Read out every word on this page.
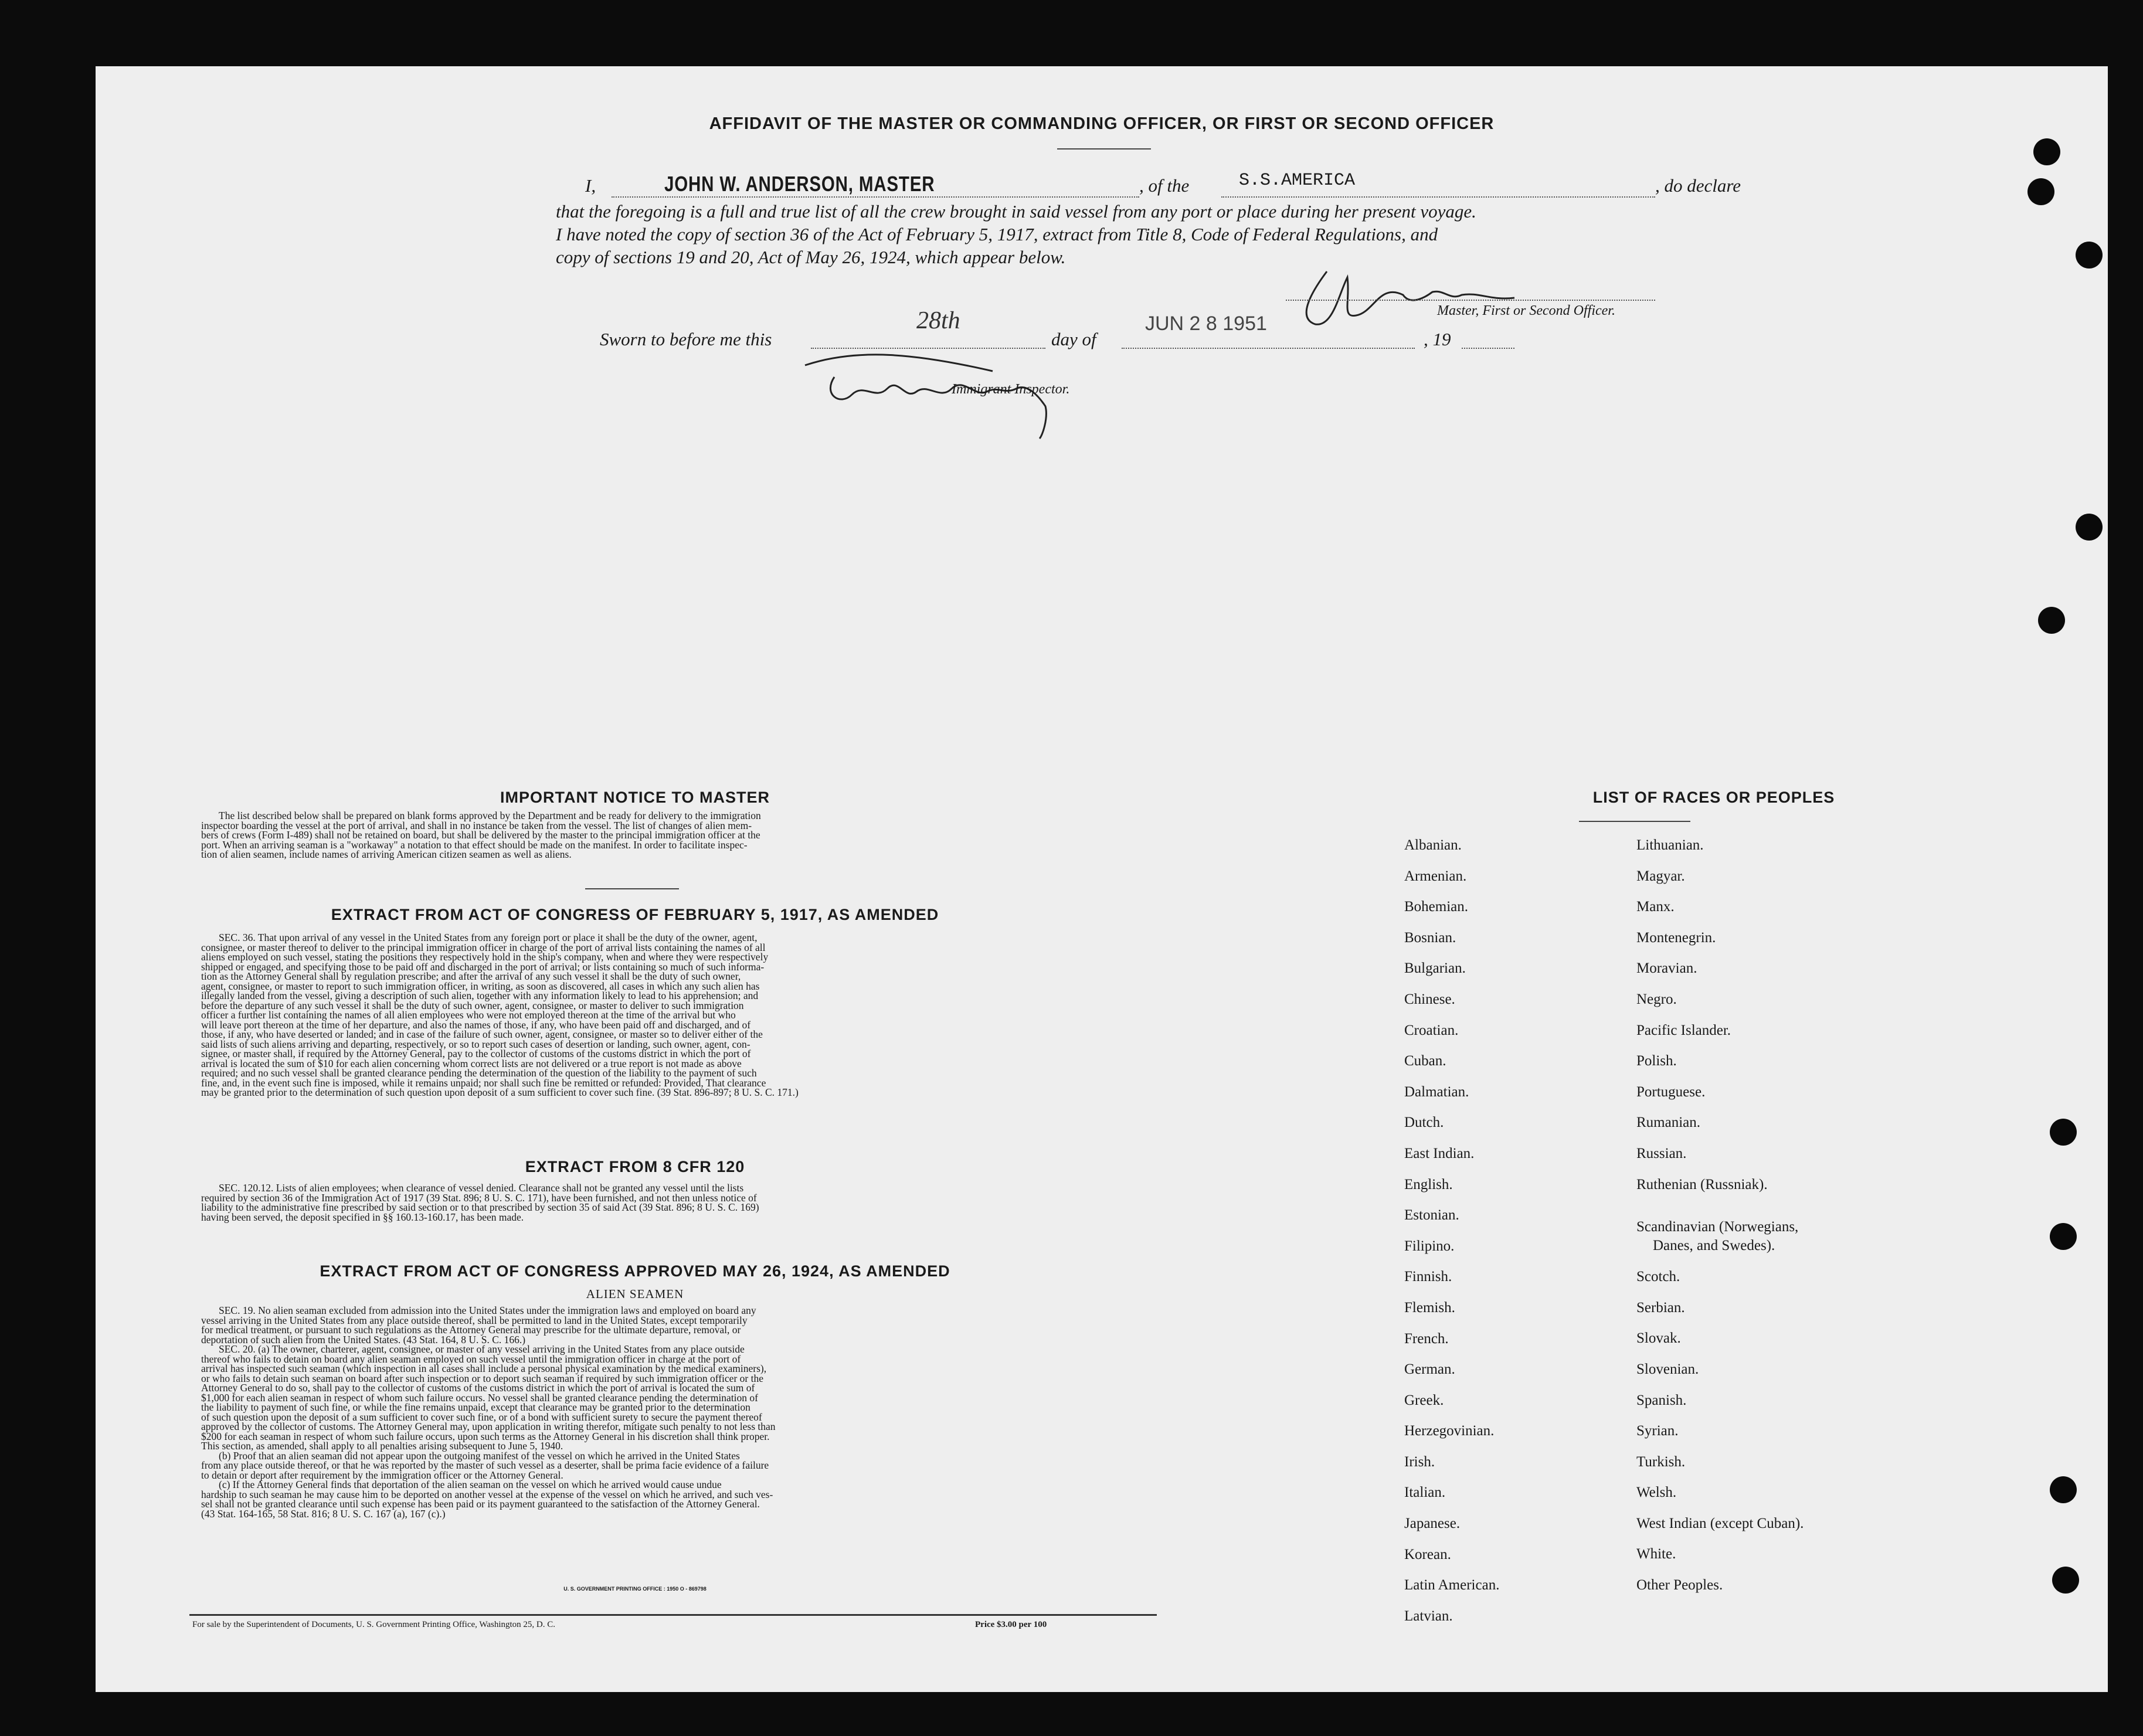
AFFIDAVIT OF THE MASTER OR COMMANDING OFFICER, OR FIRST OR SECOND OFFICER
I,	JOHN W. ANDERSON, MASTER	, of the	S.S.AMERICA	, do declare
that the foregoing is a full and true list of all the crew brought in said vessel from any port or place during her present voyage.
I have noted the copy of section 36 of the Act of February 5, 1917, extract from Title 8, Code of Federal Regulations, and
copy of sections 19 and 20, Act of May 26, 1924, which appear below.
Master, First or Second Officer.
Sworn to before me this
28th
day of
JUN 2 8 1951
, 19
Immigrant Inspector.
IMPORTANT NOTICE TO MASTER
The list described below shall be prepared on blank forms approved by the Department and be ready for delivery to the immigration
inspector boarding the vessel at the port of arrival, and shall in no instance be taken from the vessel. The list of changes of alien mem-
bers of crews (Form I-489) shall not be retained on board, but shall be delivered by the master to the principal immigration officer at the
port. When an arriving seaman is a "workaway" a notation to that effect should be made on the manifest. In order to facilitate inspec-
tion of alien seamen, include names of arriving American citizen seamen as well as aliens.
EXTRACT FROM ACT OF CONGRESS OF FEBRUARY 5, 1917, AS AMENDED
SEC. 36. That upon arrival of any vessel in the United States from any foreign port or place it shall be the duty of the owner, agent,
consignee, or master thereof to deliver to the principal immigration officer in charge of the port of arrival lists containing the names of all
aliens employed on such vessel, stating the positions they respectively hold in the ship's company, when and where they were respectively
shipped or engaged, and specifying those to be paid off and discharged in the port of arrival; or lists containing so much of such informa-
tion as the Attorney General shall by regulation prescribe; and after the arrival of any such vessel it shall be the duty of such owner,
agent, consignee, or master to report to such immigration officer, in writing, as soon as discovered, all cases in which any such alien has
illegally landed from the vessel, giving a description of such alien, together with any information likely to lead to his apprehension; and
before the departure of any such vessel it shall be the duty of such owner, agent, consignee, or master to deliver to such immigration
officer a further list containing the names of all alien employees who were not employed thereon at the time of the arrival but who
will leave port thereon at the time of her departure, and also the names of those, if any, who have been paid off and discharged, and of
those, if any, who have deserted or landed; and in case of the failure of such owner, agent, consignee, or master so to deliver either of the
said lists of such aliens arriving and departing, respectively, or so to report such cases of desertion or landing, such owner, agent, con-
signee, or master shall, if required by the Attorney General, pay to the collector of customs of the customs district in which the port of
arrival is located the sum of $10 for each alien concerning whom correct lists are not delivered or a true report is not made as above
required; and no such vessel shall be granted clearance pending the determination of the question of the liability to the payment of such
fine, and, in the event such fine is imposed, while it remains unpaid; nor shall such fine be remitted or refunded: Provided, That clearance
may be granted prior to the determination of such question upon deposit of a sum sufficient to cover such fine. (39 Stat. 896-897; 8 U. S. C. 171.)
EXTRACT FROM 8 CFR 120
SEC. 120.12. Lists of alien employees; when clearance of vessel denied. Clearance shall not be granted any vessel until the lists
required by section 36 of the Immigration Act of 1917 (39 Stat. 896; 8 U. S. C. 171), have been furnished, and not then unless notice of
liability to the administrative fine prescribed by said section or to that prescribed by section 35 of said Act (39 Stat. 896; 8 U. S. C. 169)
having been served, the deposit specified in §§ 160.13-160.17, has been made.
EXTRACT FROM ACT OF CONGRESS APPROVED MAY 26, 1924, AS AMENDED
ALIEN SEAMEN
SEC. 19. No alien seaman excluded from admission into the United States under the immigration laws and employed on board any
vessel arriving in the United States from any place outside thereof, shall be permitted to land in the United States, except temporarily
for medical treatment, or pursuant to such regulations as the Attorney General may prescribe for the ultimate departure, removal, or
deportation of such alien from the United States. (43 Stat. 164, 8 U. S. C. 166.)
SEC. 20. (a) The owner, charterer, agent, consignee, or master of any vessel arriving in the United States from any place outside
thereof who fails to detain on board any alien seaman employed on such vessel until the immigration officer in charge at the port of
arrival has inspected such seaman (which inspection in all cases shall include a personal physical examination by the medical examiners),
or who fails to detain such seaman on board after such inspection or to deport such seaman if required by such immigration officer or the
Attorney General to do so, shall pay to the collector of customs of the customs district in which the port of arrival is located the sum of
$1,000 for each alien seaman in respect of whom such failure occurs. No vessel shall be granted clearance pending the determination of
the liability to payment of such fine, or while the fine remains unpaid, except that clearance may be granted prior to the determination
of such question upon the deposit of a sum sufficient to cover such fine, or of a bond with sufficient surety to secure the payment thereof
approved by the collector of customs. The Attorney General may, upon application in writing therefor, mitigate such penalty to not less than
$200 for each seaman in respect of whom such failure occurs, upon such terms as the Attorney General in his discretion shall think proper.
This section, as amended, shall apply to all penalties arising subsequent to June 5, 1940.
(b) Proof that an alien seaman did not appear upon the outgoing manifest of the vessel on which he arrived in the United States
from any place outside thereof, or that he was reported by the master of such vessel as a deserter, shall be prima facie evidence of a failure
to detain or deport after requirement by the immigration officer or the Attorney General.
(c) If the Attorney General finds that deportation of the alien seaman on the vessel on which he arrived would cause undue
hardship to such seaman he may cause him to be deported on another vessel at the expense of the vessel on which he arrived, and such ves-
sel shall not be granted clearance until such expense has been paid or its payment guaranteed to the satisfaction of the Attorney General.
(43 Stat. 164-165, 58 Stat. 816; 8 U. S. C. 167 (a), 167 (c).)
U. S. GOVERNMENT PRINTING OFFICE : 1950 O - 869798
For sale by the Superintendent of Documents, U. S. Government Printing Office, Washington 25, D. C.	Price $3.00 per 100
LIST OF RACES OR PEOPLES
Albanian.
Armenian.
Bohemian.
Bosnian.
Bulgarian.
Chinese.
Croatian.
Cuban.
Dalmatian.
Dutch.
East Indian.
English.
Estonian.
Filipino.
Finnish.
Flemish.
French.
German.
Greek.
Herzegovinian.
Irish.
Italian.
Japanese.
Korean.
Latin American.
Latvian.
Lithuanian.
Magyar.
Manx.
Montenegrin.
Moravian.
Negro.
Pacific Islander.
Polish.
Portuguese.
Rumanian.
Russian.
Ruthenian (Russniak).
Scandinavian (Norwegians,
Danes, and Swedes).
Scotch.
Serbian.
Slovak.
Slovenian.
Spanish.
Syrian.
Turkish.
Welsh.
West Indian (except Cuban).
White.
Other Peoples.
